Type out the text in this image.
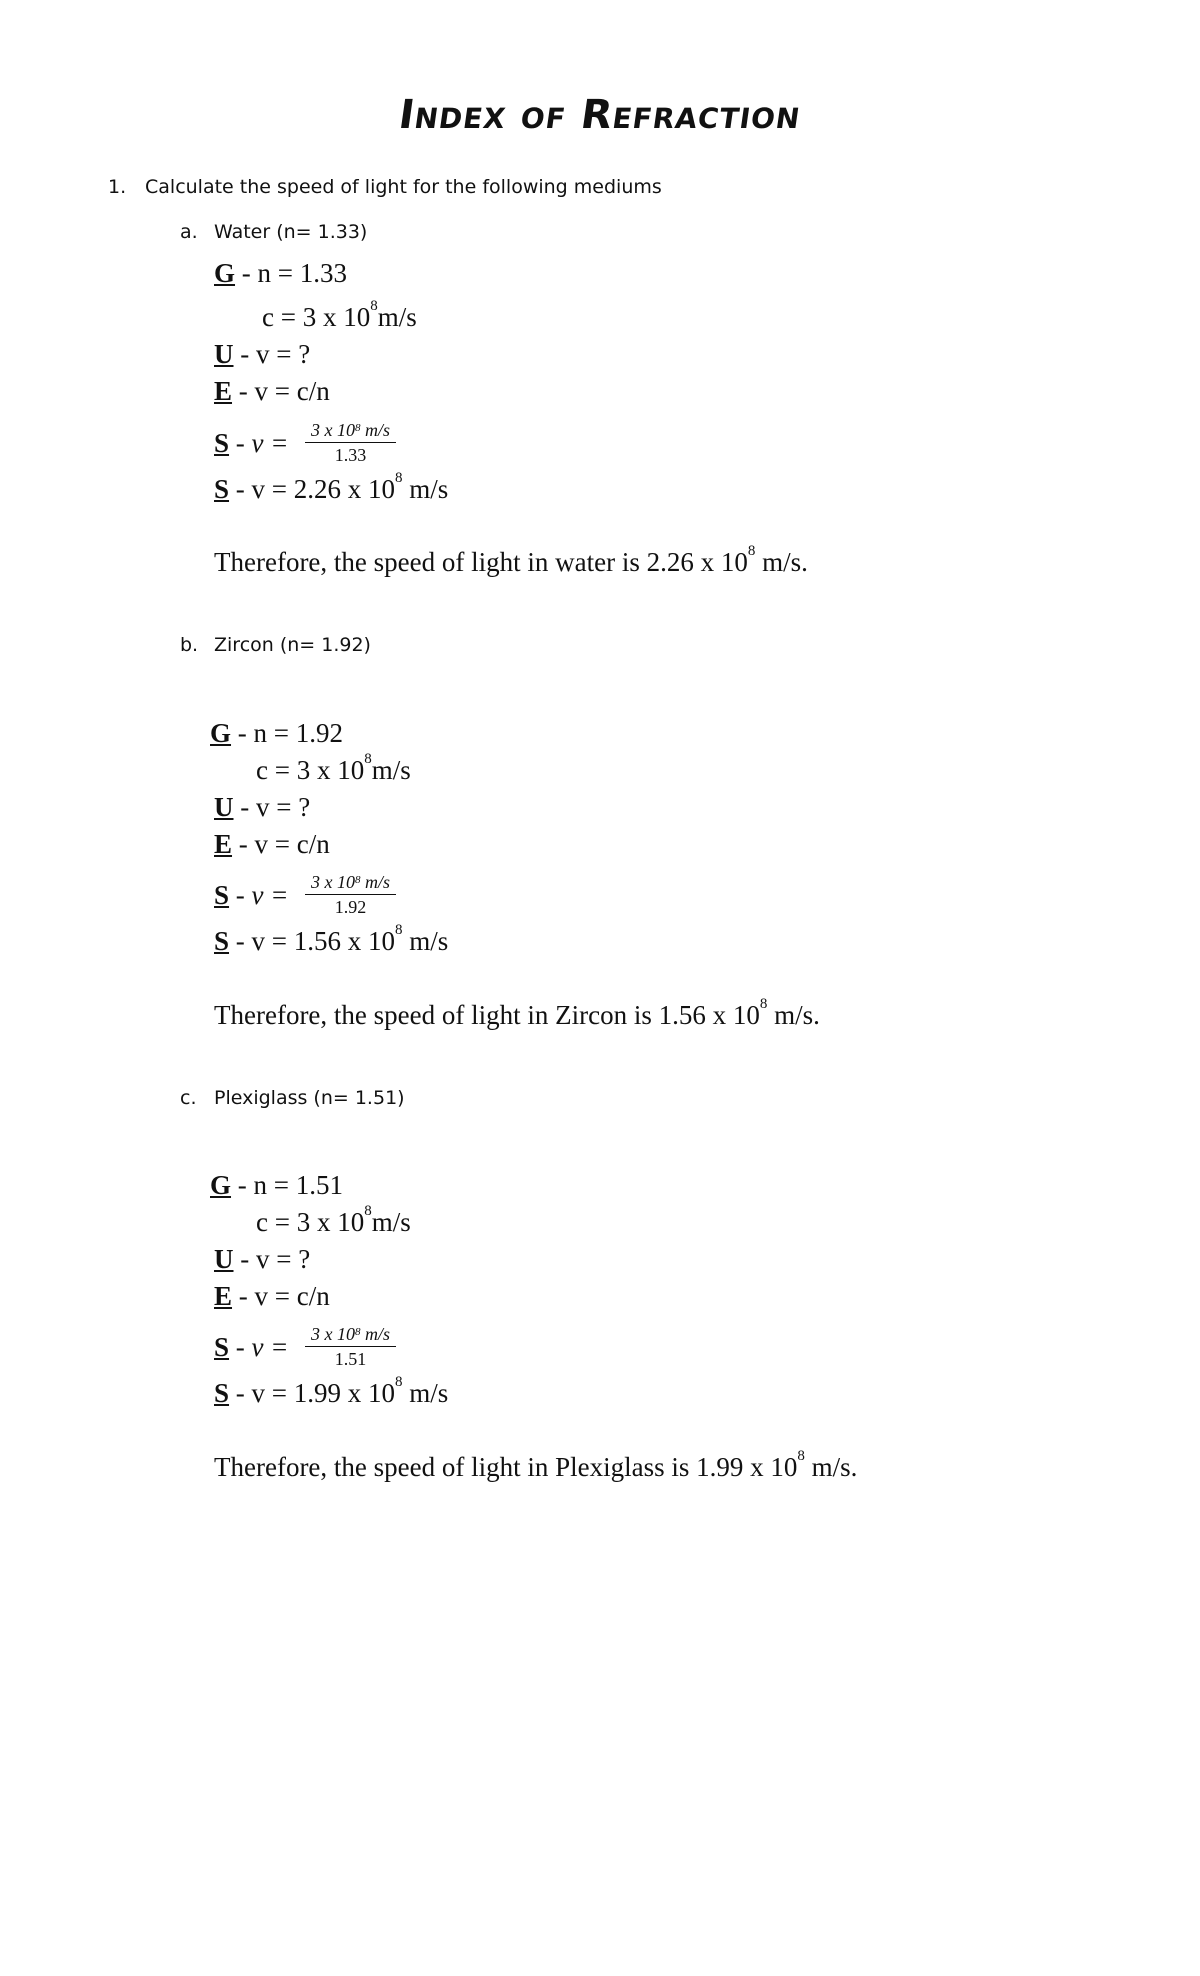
Index of Refraction
1. Calculate the speed of light for the following mediums
a. Water (n= 1.33)
G - n = 1.33
c = 3 x $10^8m/s$
U - v = ?
E - v = c/n
$S - v = \frac{3 x 10^8 m/s}{1.33}$
S - v = 2.26 x $10^8$ m/s
Therefore, the speed of light in water is 2.26 x $10^8$ m/s.
b. Zircon (n= 1.92)
G - n = 1.92
c = 3 x $10^8m/s$
U - v = ?
E - v = c/n
$S - v = \frac{3 x 10^8 m/s}{1.92}$
S - v = 1.56 x $10^8$ m/s
Therefore, the speed of light in Zircon is 1.56 x $10^8$ m/s.
c. Plexiglass (n= 1.51)
G - n = 1.51
c = 3 x $10^8m/s$
U - v = ?
E - v = c/n
$S - v = \frac{3 x 10^8 m/s}{1.51}$
S - v = 1.99 x $10^8$ m/s
Therefore, the speed of light in Plexiglass is 1.99 x $10^8$ m/s.
